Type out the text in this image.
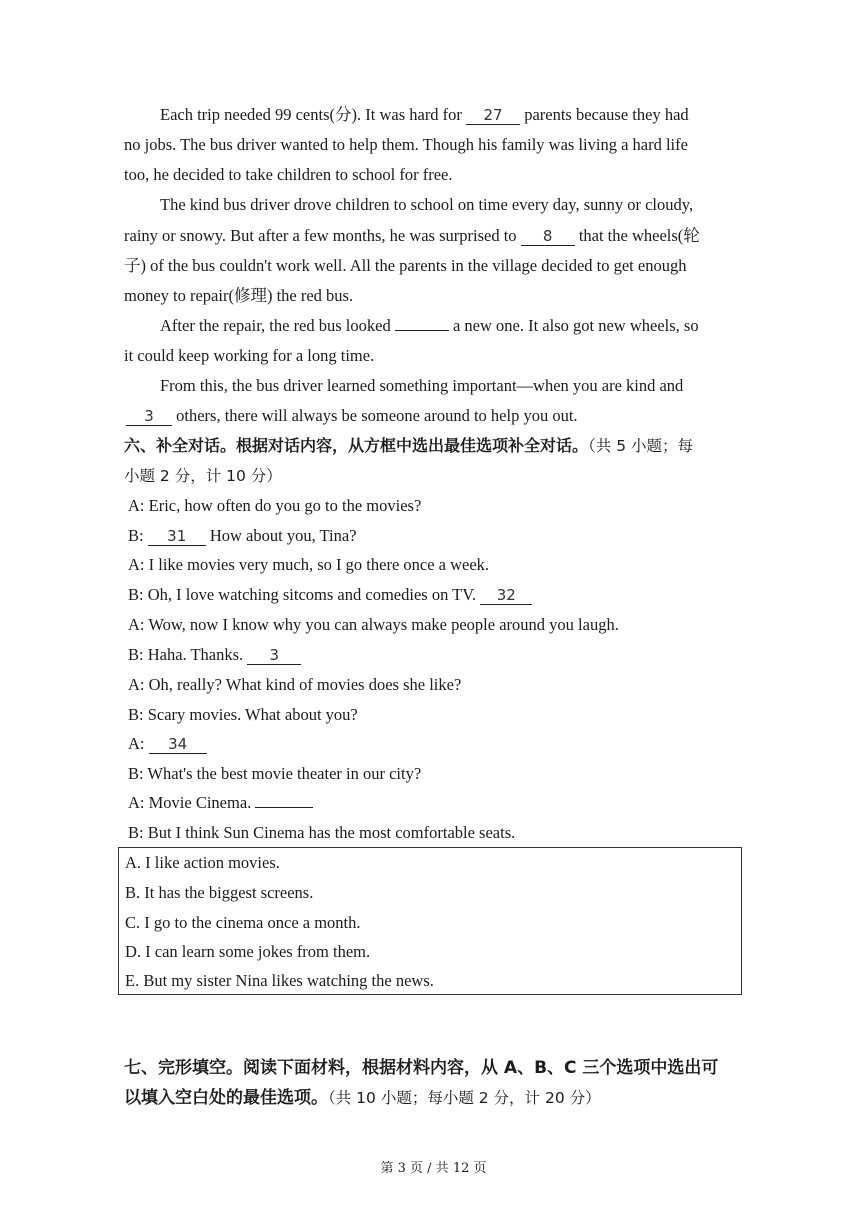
Each trip needed 99 cents(分). It was hard for 27 parents because they had
no jobs. The bus driver wanted to help them. Though his family was living a hard life
too, he decided to take children to school for free.
The kind bus driver drove children to school on time every day, sunny or cloudy,
rainy or snowy. But after a few months, he was surprised to 8 that the wheels(轮
子) of the bus couldn't work well. All the parents in the village decided to get enough
money to repair(修理) the red bus.
After the repair, the red bus looked	a new one. It also got new wheels, so
it could keep working for a long time.
From this, the bus driver learned something important—when you are kind and
3 others, there will always be someone around to help you out.
六、补全对话。根据对话内容，从方框中选出最佳选项补全对话。（共 5 小题；每
小题 2 分，计 10 分）
A: Eric, how often do you go to the movies?
B: 31 How about you, Tina?
A: I like movies very much, so I go there once a week.
B: Oh, I love watching sitcoms and comedies on TV. 32
A: Wow, now I know why you can always make people around you laugh.
B: Haha. Thanks. 3
A: Oh, really? What kind of movies does she like?
B: Scary movies. What about you?
A: 34
B: What's the best movie theater in our city?
A: Movie Cinema.
B: But I think Sun Cinema has the most comfortable seats.
A. I like action movies.
B. It has the biggest screens.
C. I go to the cinema once a month.
D. I can learn some jokes from them.
E. But my sister Nina likes watching the news.
七、完形填空。阅读下面材料，根据材料内容，从 A、B、C 三个选项中选出可
以填入空白处的最佳选项。（共 10 小题；每小题 2 分，计 20 分）
第 3 页 / 共 12 页
